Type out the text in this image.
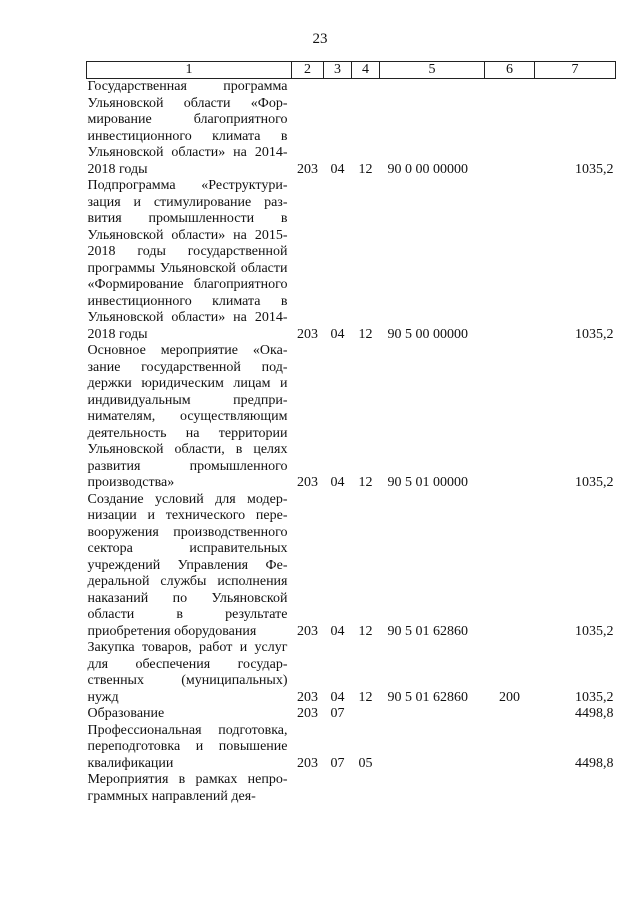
23
1	2	3	4	5	6	7
Государственная программа Ульяновской области «Формирование благоприятного инвестиционного климата в Ульяновской области» на 2014-2018 годы	203	04	12	90 0 00 00000		1035,2
Подпрограмма «Реструктуризация и стимулирование развития промышленности в Ульяновской области» на 2015-2018 годы государственной программы Ульяновской области «Формирование благоприятного инвестиционного климата в Ульяновской области» на 2014-2018 годы	203	04	12	90 5 00 00000		1035,2
Основное мероприятие «Оказание государственной поддержки юридическим лицам и индивидуальным предпринимателям, осуществляющим деятельность на территории Ульяновской области, в целях развития промышленного производства»	203	04	12	90 5 01 00000		1035,2
Создание условий для модернизации и технического перевооружения производственного сектора исправительных учреждений Управления Федеральной службы исполнения наказаний по Ульяновской области в результате приобретения оборудования	203	04	12	90 5 01 62860		1035,2
Закупка товаров, работ и услуг для обеспечения государственных (муниципальных) нужд	203	04	12	90 5 01 62860	200	1035,2
Образование	203	07				4498,8
Профессиональная подготовка, переподготовка и повышение квалификации	203	07	05			4498,8
Мероприятия в рамках непрограммных направлений дея-						
